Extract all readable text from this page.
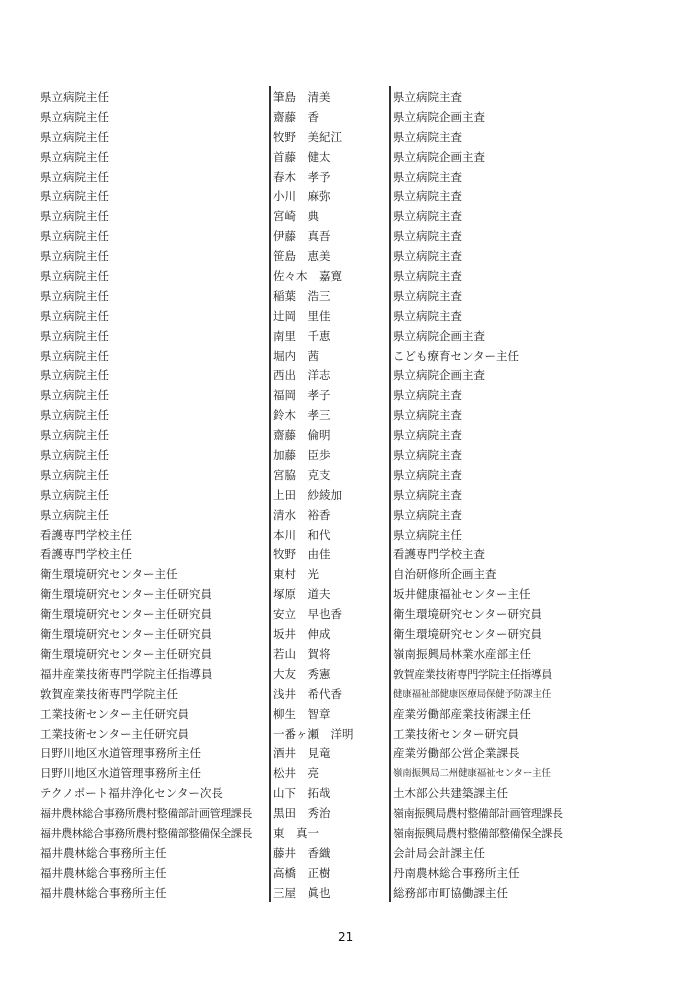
県立病院主任	筆島　清美	県立病院主査
県立病院主任	齋藤　香	県立病院企画主査
県立病院主任	牧野　美紀江	県立病院主査
県立病院主任	首藤　健太	県立病院企画主査
県立病院主任	春木　孝予	県立病院主査
県立病院主任	小川　麻弥	県立病院主査
県立病院主任	宮崎　典	県立病院主査
県立病院主任	伊藤　真吾	県立病院主査
県立病院主任	笹島　恵美	県立病院主査
県立病院主任	佐々木　嘉寛	県立病院主査
県立病院主任	稲葉　浩三	県立病院主査
県立病院主任	辻岡　里佳	県立病院主査
県立病院主任	南里　千恵	県立病院企画主査
県立病院主任	堀内　茜	こども療育センター主任
県立病院主任	西出　洋志	県立病院企画主査
県立病院主任	福岡　孝子	県立病院主査
県立病院主任	鈴木　孝三	県立病院主査
県立病院主任	齋藤　倫明	県立病院主査
県立病院主任	加藤　臣歩	県立病院主査
県立病院主任	宮脇　克支	県立病院主査
県立病院主任	上田　紗綾加	県立病院主査
県立病院主任	清水　裕香	県立病院主査
看護専門学校主任	本川　和代	県立病院主任
看護専門学校主任	牧野　由佳	看護専門学校主査
衛生環境研究センター主任	東村　光	自治研修所企画主査
衛生環境研究センター主任研究員	塚原　道夫	坂井健康福祉センター主任
衛生環境研究センター主任研究員	安立　早也香	衛生環境研究センター研究員
衛生環境研究センター主任研究員	坂井　伸成	衛生環境研究センター研究員
衛生環境研究センター主任研究員	若山　賀将	嶺南振興局林業水産部主任
福井産業技術専門学院主任指導員	大友　秀憲	敦賀産業技術専門学院主任指導員
敦賀産業技術専門学院主任	浅井　希代香	健康福祉部健康医療局保健予防課主任
工業技術センター主任研究員	柳生　智章	産業労働部産業技術課主任
工業技術センター主任研究員	一番ヶ瀬　洋明	工業技術センター研究員
日野川地区水道管理事務所主任	酒井　見竜	産業労働部公営企業課長
日野川地区水道管理事務所主任	松井　亮	嶺南振興局二州健康福祉センター主任
テクノポート福井浄化センター次長	山下　拓哉	土木部公共建築課主任
福井農林総合事務所農村整備部計画管理課長 黒田　秀治	嶺南振興局農村整備部計画管理課長
福井農林総合事務所農村整備部整備保全課長 東　真一	嶺南振興局農村整備部整備保全課長
福井農林総合事務所主任	藤井　香織	会計局会計課主任
福井農林総合事務所主任	高橋　正樹	丹南農林総合事務所主任
福井農林総合事務所主任	三屋　眞也	総務部市町協働課主任
21
